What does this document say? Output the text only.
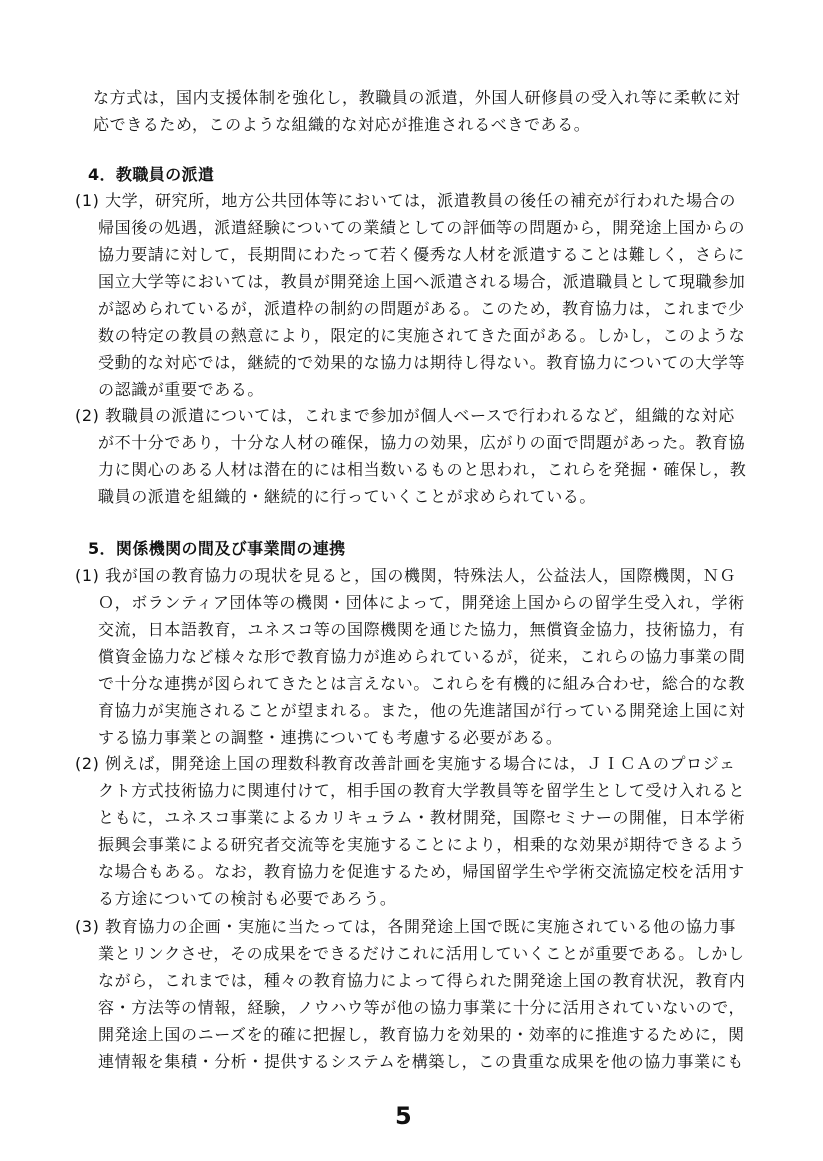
な方式は，国内支援体制を強化し，教職員の派遣，外国人研修員の受入れ等に柔軟に対
応できるため，このような組織的な対応が推進されるべきである。
4．教職員の派遣
(1) 大学，研究所，地方公共団体等においては，派遣教員の後任の補充が行われた場合の
帰国後の処遇，派遣経験についての業績としての評価等の問題から，開発途上国からの
協力要請に対して，長期間にわたって若く優秀な人材を派遣することは難しく，さらに
国立大学等においては，教員が開発途上国へ派遣される場合，派遣職員として現職参加
が認められているが，派遣枠の制約の問題がある。このため，教育協力は，これまで少
数の特定の教員の熱意により，限定的に実施されてきた面がある。しかし，このような
受動的な対応では，継続的で効果的な協力は期待し得ない。教育協力についての大学等
の認識が重要である。
(2) 教職員の派遣については，これまで参加が個人ベースで行われるなど，組織的な対応
が不十分であり，十分な人材の確保，協力の効果，広がりの面で問題があった。教育協
力に関心のある人材は潜在的には相当数いるものと思われ，これらを発掘・確保し，教
職員の派遣を組織的・継続的に行っていくことが求められている。
5．関係機関の間及び事業間の連携
(1) 我が国の教育協力の現状を見ると，国の機関，特殊法人，公益法人，国際機関，ＮＧ
Ｏ，ボランティア団体等の機関・団体によって，開発途上国からの留学生受入れ，学術
交流，日本語教育，ユネスコ等の国際機関を通じた協力，無償資金協力，技術協力，有
償資金協力など様々な形で教育協力が進められているが，従来，これらの協力事業の間
で十分な連携が図られてきたとは言えない。これらを有機的に組み合わせ，総合的な教
育協力が実施されることが望まれる。また，他の先進諸国が行っている開発途上国に対
する協力事業との調整・連携についても考慮する必要がある。
(2) 例えば，開発途上国の理数科教育改善計画を実施する場合には，ＪＩＣＡのプロジェ
クト方式技術協力に関連付けて，相手国の教育大学教員等を留学生として受け入れると
ともに，ユネスコ事業によるカリキュラム・教材開発，国際セミナーの開催，日本学術
振興会事業による研究者交流等を実施することにより，相乗的な効果が期待できるよう
な場合もある。なお，教育協力を促進するため，帰国留学生や学術交流協定校を活用す
る方途についての検討も必要であろう。
(3) 教育協力の企画・実施に当たっては，各開発途上国で既に実施されている他の協力事
業とリンクさせ，その成果をできるだけこれに活用していくことが重要である。しかし
ながら，これまでは，種々の教育協力によって得られた開発途上国の教育状況，教育内
容・方法等の情報，経験，ノウハウ等が他の協力事業に十分に活用されていないので，
開発途上国のニーズを的確に把握し，教育協力を効果的・効率的に推進するために，関
連情報を集積・分析・提供するシステムを構築し，この貴重な成果を他の協力事業にも
5
